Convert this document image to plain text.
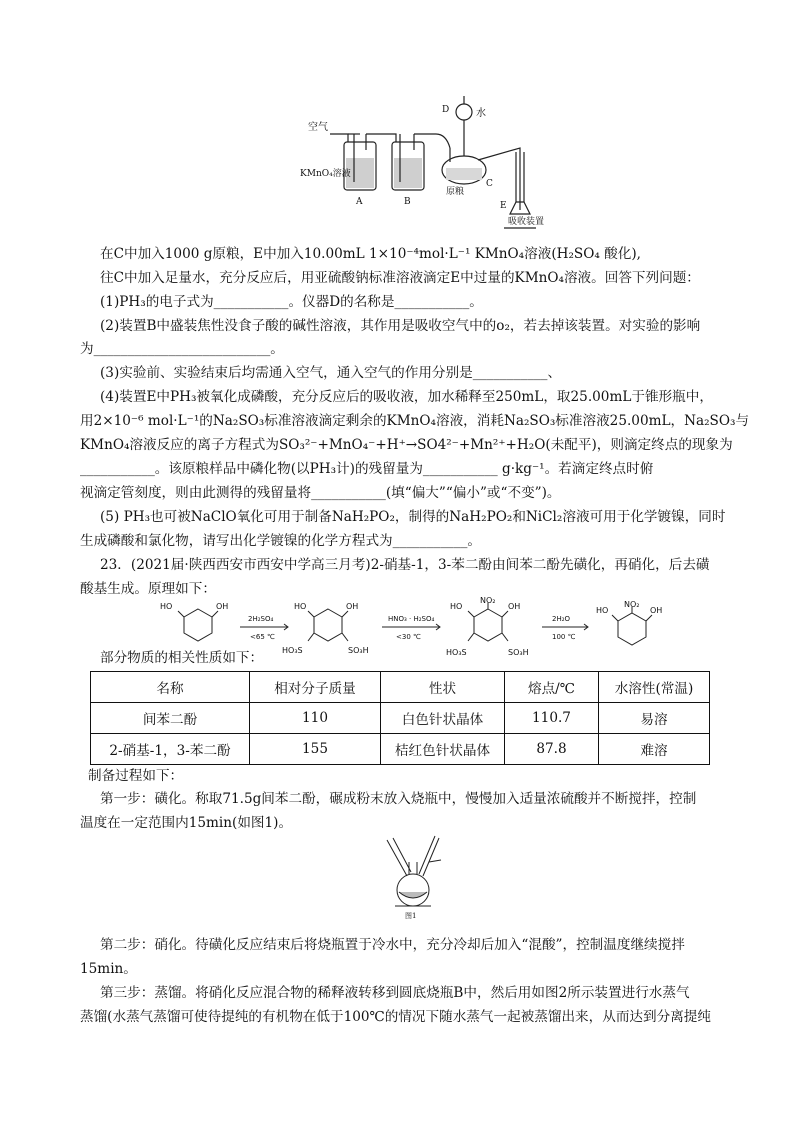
空气
KMnO₄溶液
A	B
D	水
原粮
C
E
吸收装置
在C中加入1000 g原粮，E中加入10.00mL 1×10⁻⁴mol·L⁻¹ KMnO₄溶液(H₂SO₄ 酸化),
往C中加入足量水，充分反应后，用亚硫酸钠标准溶液滴定E中过量的KMnO₄溶液。回答下列问题：
(1)PH₃的电子式为___________。仪器D的名称是___________。
(2)装置B中盛装焦性没食子酸的碱性溶液，其作用是吸收空气中的o₂，若去掉该装置。对实验的影响
为__________________________。
(3)实验前、实验结束后均需通入空气，通入空气的作用分别是___________、
(4)装置E中PH₃被氧化成磷酸，充分反应后的吸收液，加水稀释至250mL，取25.00mL于锥形瓶中，
用2×10⁻⁶ mol·L⁻¹的Na₂SO₃标准溶液滴定剩余的KMnO₄溶液，消耗Na₂SO₃标准溶液25.00mL，Na₂SO₃与
KMnO₄溶液反应的离子方程式为SO₃²⁻+MnO₄⁻+H⁺→SO4²⁻+Mn²⁺+H₂O(未配平)，则滴定终点的现象为
___________。该原粮样品中磷化物(以PH₃计)的残留量为___________ g·kg⁻¹。若滴定终点时俯
视滴定管刻度，则由此测得的残留量将___________(填“偏大”“偏小”或“不变”)。
(5) PH₃也可被NaClO氧化可用于制备NaH₂PO₂，制得的NaH₂PO₂和NiCl₂溶液可用于化学镀镍，同时
生成磷酸和氯化物，请写出化学镀镍的化学方程式为___________。
23．(2021届·陕西西安市西安中学高三月考)2-硝基-1，3-苯二酚由间苯二酚先磺化，再硝化，后去磺
酸基生成。原理如下：
HO	OH
2H₂SO₄
<65 ℃
HO	OH
HO₃S	SO₃H
HNO₃ · H₂SO₄
<30 ℃
HO
NO₂
OH
HO₃S	SO₃H
2H₂O
100 ℃
HO
NO₂
OH
部分物质的相关性质如下：
名称	相对分子质量	性状	熔点/℃	水溶性(常温)
间苯二酚	110	白色针状晶体	110.7	易溶
2-硝基-1，3-苯二酚	155	桔红色针状晶体	87.8	难溶
制备过程如下：
第一步：磺化。称取71.5g间苯二酚，碾成粉末放入烧瓶中，慢慢加入适量浓硫酸并不断搅拌，控制
温度在一定范围内15min(如图1)。
图1
第二步：硝化。待磺化反应结束后将烧瓶置于冷水中，充分冷却后加入“混酸”，控制温度继续搅拌
15min。
第三步：蒸馏。将硝化反应混合物的稀释液转移到圆底烧瓶B中，然后用如图2所示装置进行水蒸气
蒸馏(水蒸气蒸馏可使待提纯的有机物在低于100℃的情况下随水蒸气一起被蒸馏出来，从而达到分离提纯
